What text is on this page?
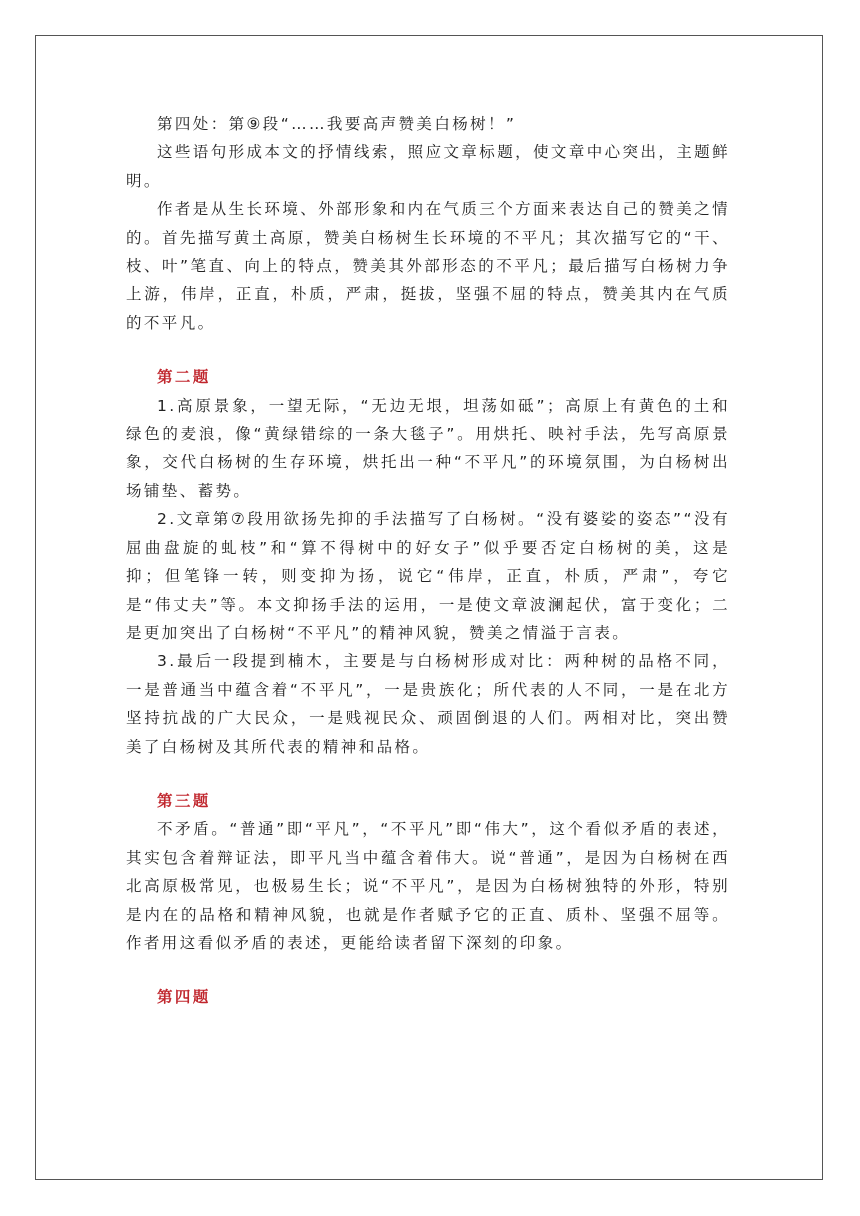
第四处：第⑨段“……我要高声赞美白杨树！”

这些语句形成本文的抒情线索，照应文章标题，使文章中心突出，主题鲜明。

作者是从生长环境、外部形象和内在气质三个方面来表达自己的赞美之情的。首先描写黄土高原，赞美白杨树生长环境的不平凡；其次描写它的“干、枝、叶”笔直、向上的特点，赞美其外部形态的不平凡；最后描写白杨树力争上游，伟岸，正直，朴质，严肃，挺拔，坚强不屈的特点，赞美其内在气质的不平凡。

第二题

1.高原景象，一望无际，“无边无垠，坦荡如砥”；高原上有黄色的土和绿色的麦浪，像“黄绿错综的一条大毯子”。用烘托、映衬手法，先写高原景象，交代白杨树的生存环境，烘托出一种“不平凡”的环境氛围，为白杨树出场铺垫、蓄势。

2.文章第⑦段用欲扬先抑的手法描写了白杨树。“没有婆娑的姿态”“没有屈曲盘旋的虬枝”和“算不得树中的好女子”似乎要否定白杨树的美，这是抑；但笔锋一转，则变抑为扬，说它“伟岸，正直，朴质，严肃”，夸它是“伟丈夫”等。本文抑扬手法的运用，一是使文章波澜起伏，富于变化；二是更加突出了白杨树“不平凡”的精神风貌，赞美之情溢于言表。

3.最后一段提到楠木，主要是与白杨树形成对比：两种树的品格不同，一是普通当中蕴含着“不平凡”，一是贵族化；所代表的人不同，一是在北方坚持抗战的广大民众，一是贱视民众、顽固倒退的人们。两相对比，突出赞美了白杨树及其所代表的精神和品格。

第三题

不矛盾。“普通”即“平凡”，“不平凡”即“伟大”，这个看似矛盾的表述，其实包含着辩证法，即平凡当中蕴含着伟大。说“普通”，是因为白杨树在西北高原极常见，也极易生长；说“不平凡”，是因为白杨树独特的外形，特别是内在的品格和精神风貌，也就是作者赋予它的正直、质朴、坚强不屈等。作者用这看似矛盾的表述，更能给读者留下深刻的印象。

第四题
